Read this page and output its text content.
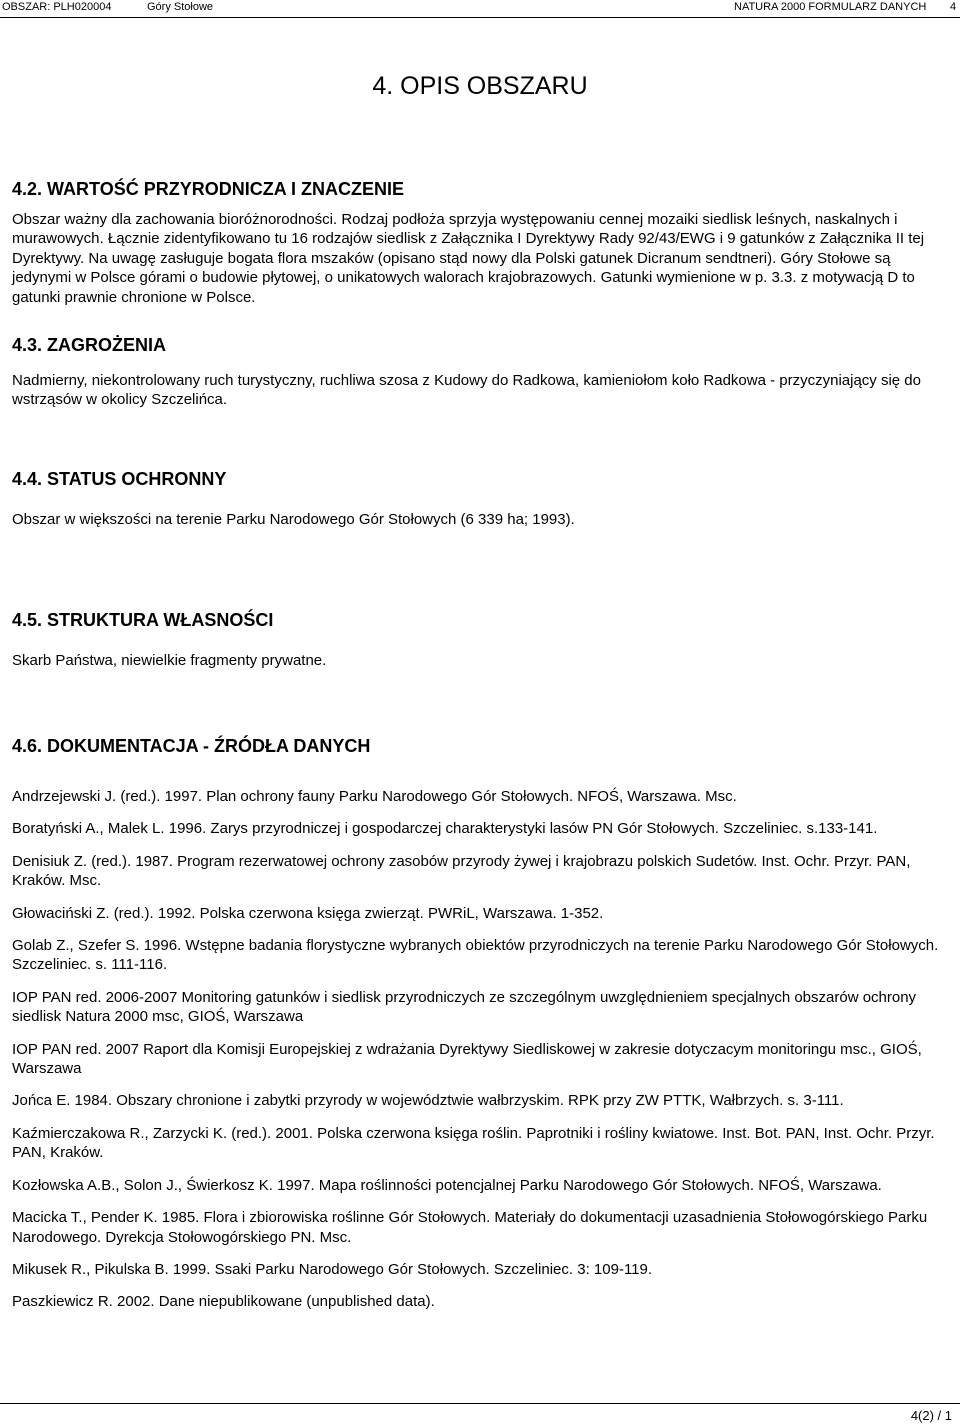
OBSZAR: PLH020004	Góry Stołowe	NATURA 2000 FORMULARZ DANYCH 4
4. OPIS OBSZARU
4.2. WARTOŚĆ PRZYRODNICZA I ZNACZENIE

Obszar ważny dla zachowania bioróżnorodności. Rodzaj podłoża sprzyja występowaniu cennej mozaiki siedlisk leśnych, naskalnych i murawowych. Łącznie zidentyfikowano tu 16 rodzajów siedlisk z Załącznika I Dyrektywy Rady 92/43/EWG i 9 gatunków z Załącznika II tej Dyrektywy. Na uwagę zasługuje bogata flora mszaków (opisano stąd nowy dla Polski gatunek Dicranum sendtneri). Góry Stołowe są jedynymi w Polsce górami o budowie płytowej, o unikatowych walorach krajobrazowych. Gatunki wymienione w p. 3.3. z motywacją D to gatunki prawnie chronione w Polsce.

4.3. ZAGROŻENIA

Nadmierny, niekontrolowany ruch turystyczny, ruchliwa szosa z Kudowy do Radkowa, kamieniołom koło Radkowa - przyczyniający się do wstrząsów w okolicy Szczelińca.

4.4. STATUS OCHRONNY

Obszar w większości na terenie Parku Narodowego Gór Stołowych (6 339 ha; 1993).

4.5. STRUKTURA WŁASNOŚCI

Skarb Państwa, niewielkie fragmenty prywatne.

4.6. DOKUMENTACJA - ŹRÓDŁA DANYCH

Andrzejewski J. (red.). 1997. Plan ochrony fauny Parku Narodowego Gór Stołowych. NFOŚ, Warszawa. Msc.

Boratyński A., Malek L. 1996. Zarys przyrodniczej i gospodarczej charakterystyki lasów PN Gór Stołowych. Szczeliniec. s.133-141.

Denisiuk Z. (red.). 1987. Program rezerwatowej ochrony zasobów przyrody żywej i krajobrazu polskich Sudetów. Inst. Ochr. Przyr. PAN, Kraków. Msc.

Głowaciński Z. (red.). 1992. Polska czerwona księga zwierząt. PWRiL, Warszawa. 1-352.

Golab Z., Szefer S. 1996. Wstępne badania florystyczne wybranych obiektów przyrodniczych na terenie Parku Narodowego Gór Stołowych. Szczeliniec. s. 111-116.

IOP PAN red. 2006-2007 Monitoring gatunków i siedlisk przyrodniczych ze szczególnym uwzględnieniem specjalnych obszarów ochrony siedlisk Natura 2000 msc, GIOŚ, Warszawa

IOP PAN red. 2007 Raport dla Komisji Europejskiej z wdrażania Dyrektywy Siedliskowej w zakresie dotyczacym monitoringu msc., GIOŚ, Warszawa

Jońca E. 1984. Obszary chronione i zabytki przyrody w województwie wałbrzyskim. RPK przy ZW PTTK, Wałbrzych. s. 3-111.

Kaźmierczakowa R., Zarzycki K. (red.). 2001. Polska czerwona księga roślin. Paprotniki i rośliny kwiatowe. Inst. Bot. PAN, Inst. Ochr. Przyr. PAN, Kraków.

Kozłowska A.B., Solon J., Świerkosz K. 1997. Mapa roślinności potencjalnej Parku Narodowego Gór Stołowych. NFOŚ, Warszawa.

Macicka T., Pender K. 1985. Flora i zbiorowiska roślinne Gór Stołowych. Materiały do dokumentacji uzasadnienia Stołowogórskiego Parku Narodowego. Dyrekcja Stołowogórskiego PN. Msc.

Mikusek R., Pikulska B. 1999. Ssaki Parku Narodowego Gór Stołowych. Szczeliniec. 3: 109-119.

Paszkiewicz R. 2002. Dane niepublikowane (unpublished data).

4(2) / 1
